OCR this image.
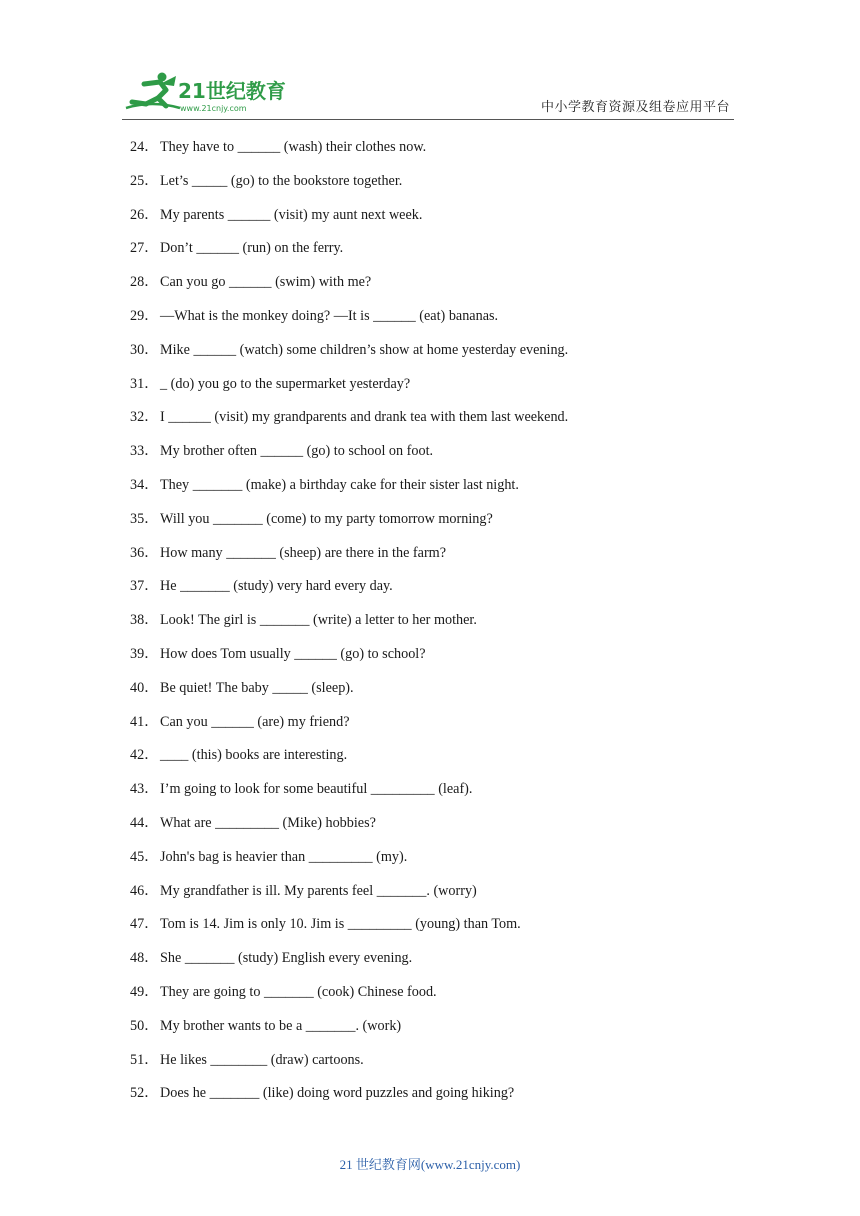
21世纪教育
www.21cnjy.com	中小学教育资源及组卷应用平台
24． They have to ______ (wash) their clothes now.
25． Let’s _____ (go) to the bookstore together.
26． My parents ______ (visit) my aunt next week.
27． Don’t ______ (run) on the ferry.
28． Can you go ______ (swim) with me?
29． —What is the monkey doing? —It is ______ (eat) bananas.
30． Mike ______ (watch) some children’s show at home yesterday evening.
31． _ (do) you go to the supermarket yesterday?
32． I ______ (visit) my grandparents and drank tea with them last weekend.
33． My brother often ______ (go) to school on foot.
34． They _______ (make) a birthday cake for their sister last night.
35． Will you _______ (come) to my party tomorrow morning?
36． How many _______ (sheep) are there in the farm?
37． He _______ (study) very hard every day.
38． Look! The girl is _______ (write) a letter to her mother.
39． How does Tom usually ______ (go) to school?
40． Be quiet! The baby _____ (sleep).
41． Can you ______ (are) my friend?
42． ____ (this) books are interesting.
43． I’m going to look for some beautiful _________ (leaf).
44． What are _________ (Mike) hobbies?
45． John's bag is heavier than _________ (my).
46． My grandfather is ill. My parents feel _______. (worry)
47． Tom is 14. Jim is only 10. Jim is _________ (young) than Tom.
48． She _______ (study) English every evening.
49． They are going to _______ (cook) Chinese food.
50． My brother wants to be a _______. (work)
51． He likes ________ (draw) cartoons.
52． Does he _______ (like) doing word puzzles and going hiking?
21 世纪教育网(www.21cnjy.com)
